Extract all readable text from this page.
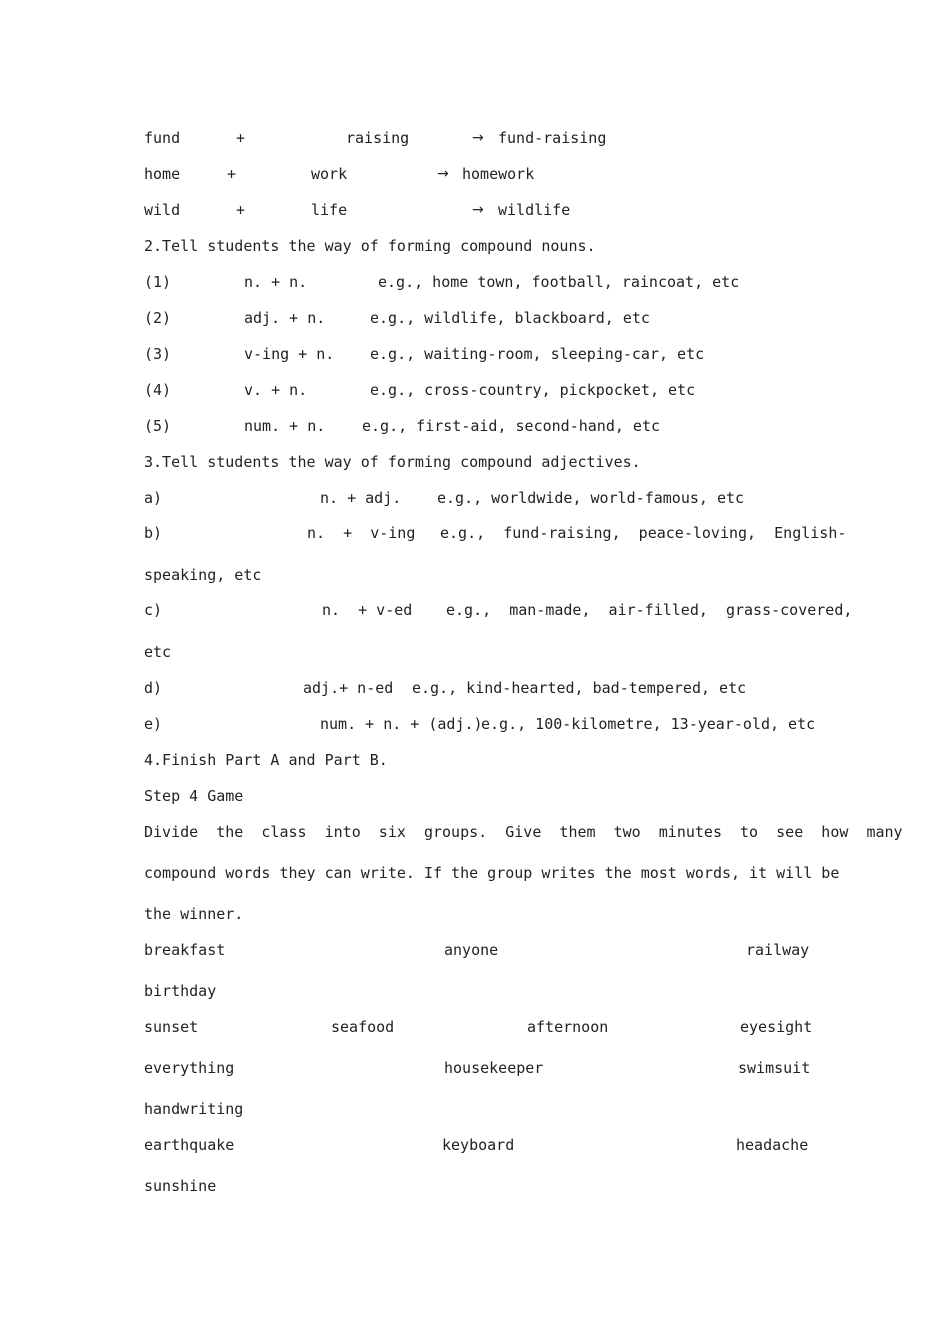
fund	+	raising	→ fund-raising
home	+	work	→ homework
wild	+	life	→ wildlife
2.Tell students the way of forming compound nouns.
(1)	n. + n.	e.g., home town, football, raincoat, etc
(2)	adj. + n.	e.g., wildlife, blackboard, etc
(3)	v-ing + n. e.g., waiting-room, sleeping-car, etc
(4)	v. + n.	e.g., cross-country, pickpocket, etc
(5)	num. + n. e.g., first-aid, second-hand, etc
3.Tell students the way of forming compound adjectives.
a)	n. + adj. e.g., worldwide, world-famous, etc
b)	n.  +  v-ing e.g.,  fund-raising,  peace-loving,  English-
speaking, etc
c)	n.  + v-ed e.g.,  man-made,  air-filled,  grass-covered,
etc
d)	adj.+ n-ed e.g., kind-hearted, bad-tempered, etc
e)	num. + n. + (adj.)
e.g., 100-kilometre, 13-year-old, etc
4.Finish Part A and Part B.
Step 4 Game
Divide  the  class  into  six  groups.  Give  them  two  minutes  to  see  how  many
compound words they can write. If the group writes the most words, it will be
the winner.
breakfast	anyone	railway
birthday
sunset	seafood	afternoon	eyesight
everything	housekeeper	swimsuit
handwriting
earthquake	keyboard	headache
sunshine
